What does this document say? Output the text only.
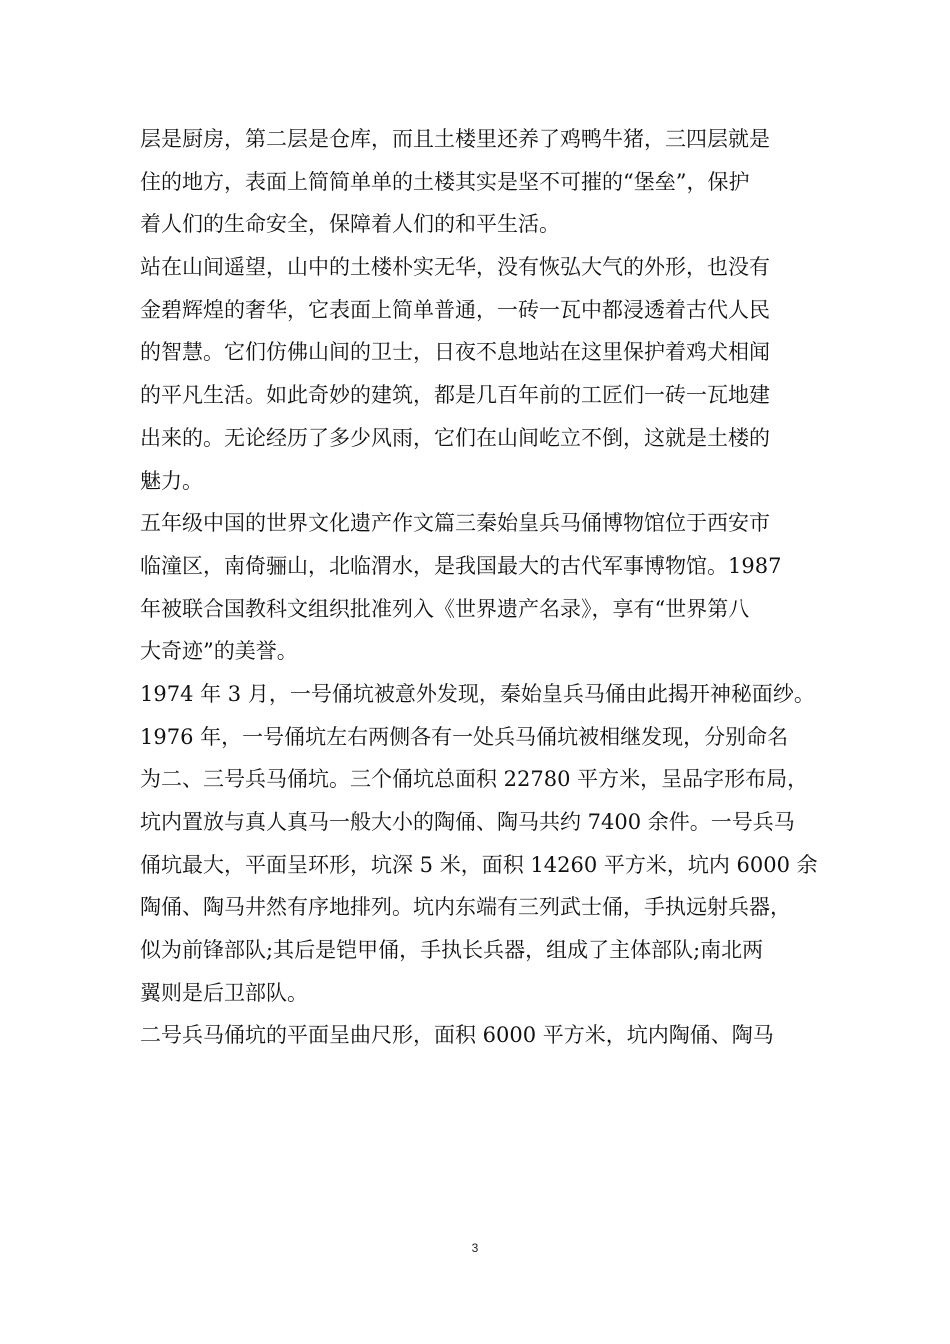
层是厨房，第二层是仓库，而且土楼里还养了鸡鸭牛猪，三四层就是
住的地方，表面上简简单单的土楼其实是坚不可摧的“堡垒”，保护
着人们的生命安全，保障着人们的和平生活。
站在山间遥望，山中的土楼朴实无华，没有恢弘大气的外形，也没有
金碧辉煌的奢华，它表面上简单普通，一砖一瓦中都浸透着古代人民
的智慧。它们仿佛山间的卫士，日夜不息地站在这里保护着鸡犬相闻
的平凡生活。如此奇妙的建筑，都是几百年前的工匠们一砖一瓦地建
出来的。无论经历了多少风雨，它们在山间屹立不倒，这就是土楼的
魅力。
五年级中国的世界文化遗产作文篇三秦始皇兵马俑博物馆位于西安市
临潼区，南倚骊山，北临渭水，是我国最大的古代军事博物馆。1987
年被联合国教科文组织批准列入《世界遗产名录》，享有“世界第八
大奇迹”的美誉。
1974 年 3 月，一号俑坑被意外发现，秦始皇兵马俑由此揭开神秘面纱。
1976 年，一号俑坑左右两侧各有一处兵马俑坑被相继发现，分别命名
为二、三号兵马俑坑。三个俑坑总面积 22780 平方米，呈品字形布局，
坑内置放与真人真马一般大小的陶俑、陶马共约 7400 余件。一号兵马
俑坑最大，平面呈环形，坑深 5 米，面积 14260 平方米，坑内 6000 余
陶俑、陶马井然有序地排列。坑内东端有三列武士俑，手执远射兵器，
似为前锋部队;其后是铠甲俑，手执长兵器，组成了主体部队;南北两
翼则是后卫部队。
二号兵马俑坑的平面呈曲尺形，面积 6000 平方米，坑内陶俑、陶马
3
